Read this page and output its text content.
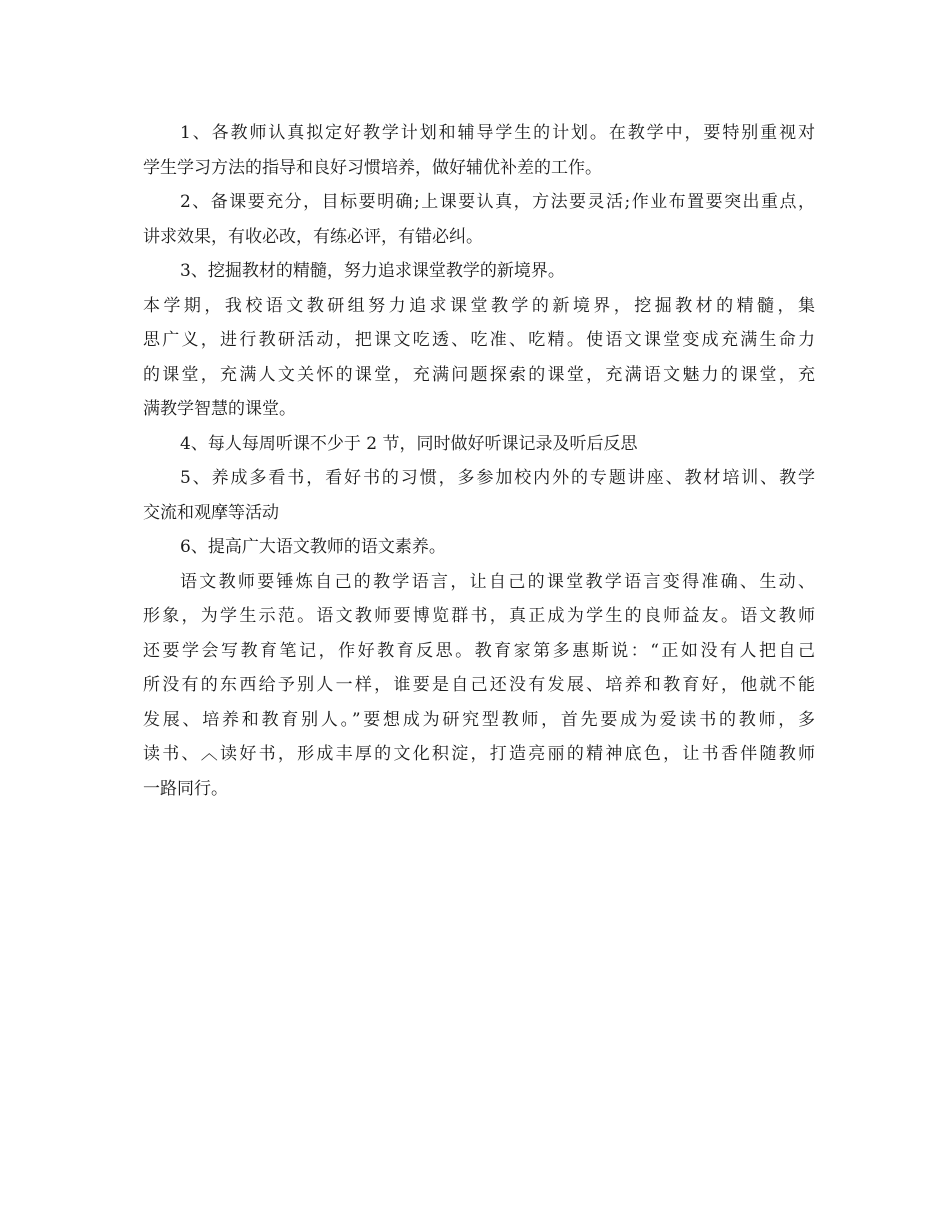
1、各教师认真拟定好教学计划和辅导学生的计划。在教学中，要特别重视对
学生学习方法的指导和良好习惯培养，做好辅优补差的工作。
2、备课要充分，目标要明确;上课要认真，方法要灵活;作业布置要突出重点，
讲求效果，有收必改，有练必评，有错必纠。
3、挖掘教材的精髓，努力追求课堂教学的新境界。
本学期，我校语文教研组努力追求课堂教学的新境界，挖掘教材的精髓，集
思广义，进行教研活动，把课文吃透、吃准、吃精。使语文课堂变成充满生命力
的课堂，充满人文关怀的课堂，充满问题探索的课堂，充满语文魅力的课堂，充
满教学智慧的课堂。
4、每人每周听课不少于 2 节，同时做好听课记录及听后反思
5、养成多看书，看好书的习惯，多参加校内外的专题讲座、教材培训、教学
交流和观摩等活动
6、提高广大语文教师的语文素养。
语文教师要锤炼自己的教学语言，让自己的课堂教学语言变得准确、生动、
形象，为学生示范。语文教师要博览群书，真正成为学生的良师益友。语文教师
还要学会写教育笔记，作好教育反思。教育家第多惠斯说：“正如没有人把自己
所没有的东西给予别人一样，谁要是自己还没有发展、培养和教育好，他就不能
发展、培养和教育别人。”要想成为研究型教师，首先要成为爱读书的教师，多
读书、︿读好书，形成丰厚的文化积淀，打造亮丽的精神底色，让书香伴随教师
一路同行。
